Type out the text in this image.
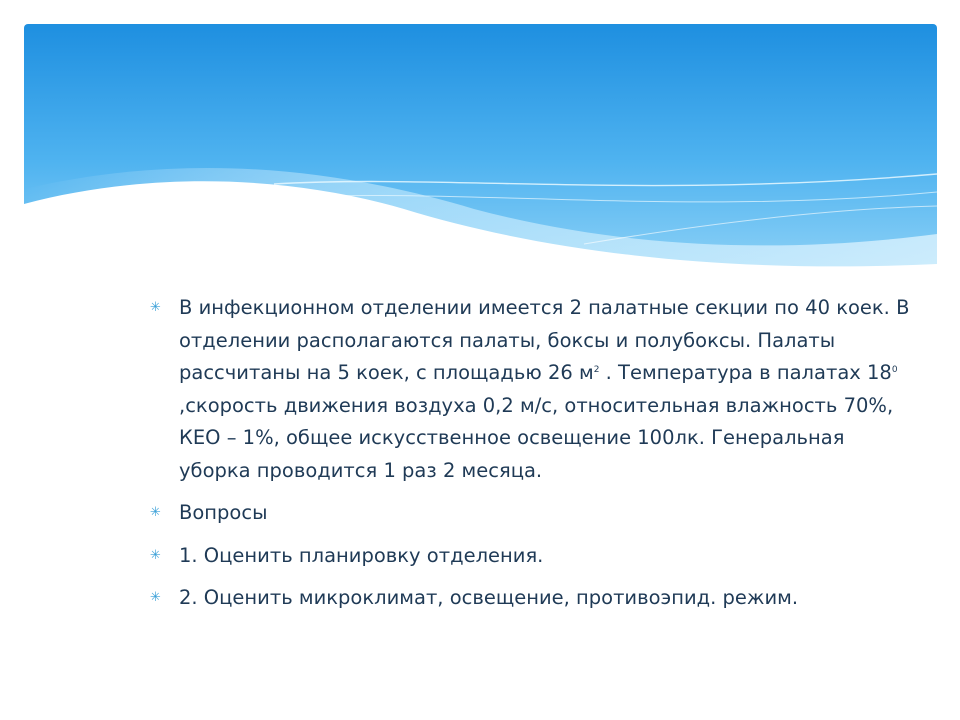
✳ В инфекционном отделении имеется 2 палатные секции по 40 коек. В отделении располагаются палаты, боксы и полубоксы. Палаты рассчитаны на 5 коек, с площадью 26 $м^2$ . Температура в палатах $18^0$ ,скорость движения воздуха 0,2 м/с, относительная влажность 70%, КЕО – 1%, общее искусственное освещение 100лк. Генеральная уборка проводится 1 раз 2 месяца.
✳ Вопросы
✳ 1. Оценить планировку отделения.
✳ 2. Оценить микроклимат, освещение, противоэпид. режим.
